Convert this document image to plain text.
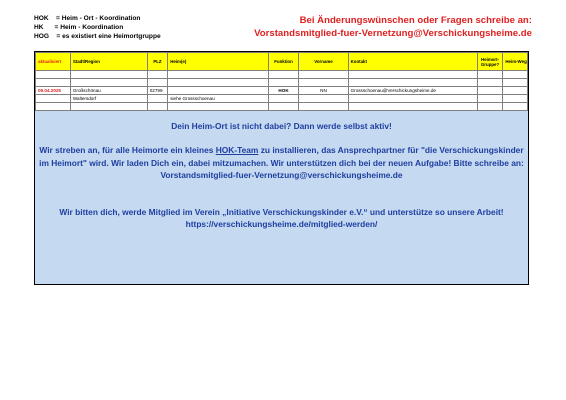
HOK = Heim - Ort - Koordination
HK = Heim - Koordination
HOG = es existiert eine Heimortgruppe
Bei Änderungswünschen oder Fragen schreibe an:
Vorstandsmitglied-fuer-Vernetzung@Verschickungsheime.de
aktualisiert	Stadt/Region	PLZ	Heim(e)	Funktion	Vorname	Kontakt	Heimort-Gruppe?	Heim-Weg

09.04.2025	Großschönau	02799		HOK	NN	Grossschoenau@Verschickungsheime.de		
	Waltersdorf		siehe Grossschoenau					

Dein Heim-Ort ist nicht dabei? Dann werde selbst aktiv!

Wir streben an, für alle Heimorte ein kleines HOK-Team zu installieren, das Ansprechpartner für "die Verschickungskinder

im Heimort" wird. Wir laden Dich ein, dabei mitzumachen. Wir unterstützen dich bei der neuen Aufgabe! Bitte schreibe an:

Vorstandsmitglied-fuer-Vernetzung@verschickungsheime.de

Wir bitten dich, werde Mitglied im Verein „Initiative Verschickungskinder e.V.“ und unterstütze so unsere Arbeit!

https://verschickungsheime.de/mitglied-werden/
